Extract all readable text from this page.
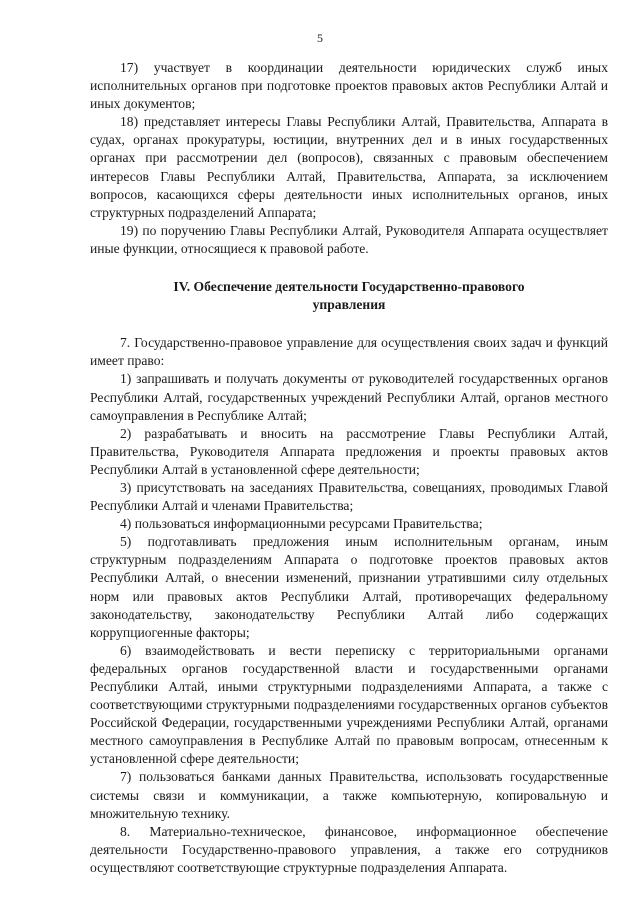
5

17) участвует в координации деятельности юридических служб иных исполнительных органов при подготовке проектов правовых актов Республики Алтай и иных документов;

18) представляет интересы Главы Республики Алтай, Правительства, Аппарата в судах, органах прокуратуры, юстиции, внутренних дел и в иных государственных органах при рассмотрении дел (вопросов), связанных с правовым обеспечением интересов Главы Республики Алтай, Правительства, Аппарата, за исключением вопросов, касающихся сферы деятельности иных исполнительных органов, иных структурных подразделений Аппарата;

19) по поручению Главы Республики Алтай, Руководителя Аппарата осуществляет иные функции, относящиеся к правовой работе.

IV. Обеспечение деятельности Государственно-правового
управления

7. Государственно-правовое управление для осуществления своих задач и функций имеет право:

1) запрашивать и получать документы от руководителей государственных органов Республики Алтай, государственных учреждений Республики Алтай, органов местного самоуправления в Республике Алтай;

2) разрабатывать и вносить на рассмотрение Главы Республики Алтай, Правительства, Руководителя Аппарата предложения и проекты правовых актов Республики Алтай в установленной сфере деятельности;

3) присутствовать на заседаниях Правительства, совещаниях, проводимых Главой Республики Алтай и членами Правительства;

4) пользоваться информационными ресурсами Правительства;

5) подготавливать предложения иным исполнительным органам, иным структурным подразделениям Аппарата о подготовке проектов правовых актов Республики Алтай, о внесении изменений, признании утратившими силу отдельных норм или правовых актов Республики Алтай, противоречащих федеральному законодательству, законодательству Республики Алтай либо содержащих коррупциогенные факторы;

6) взаимодействовать и вести переписку с территориальными органами федеральных органов государственной власти и государственными органами Республики Алтай, иными структурными подразделениями Аппарата, а также с соответствующими структурными подразделениями государственных органов субъектов Российской Федерации, государственными учреждениями Республики Алтай, органами местного самоуправления в Республике Алтай по правовым вопросам, отнесенным к установленной сфере деятельности;

7) пользоваться банками данных Правительства, использовать государственные системы связи и коммуникации, а также компьютерную, копировальную и множительную технику.

8. Материально-техническое, финансовое, информационное обеспечение деятельности Государственно-правового управления, а также его сотрудников осуществляют соответствующие структурные подразделения Аппарата.
